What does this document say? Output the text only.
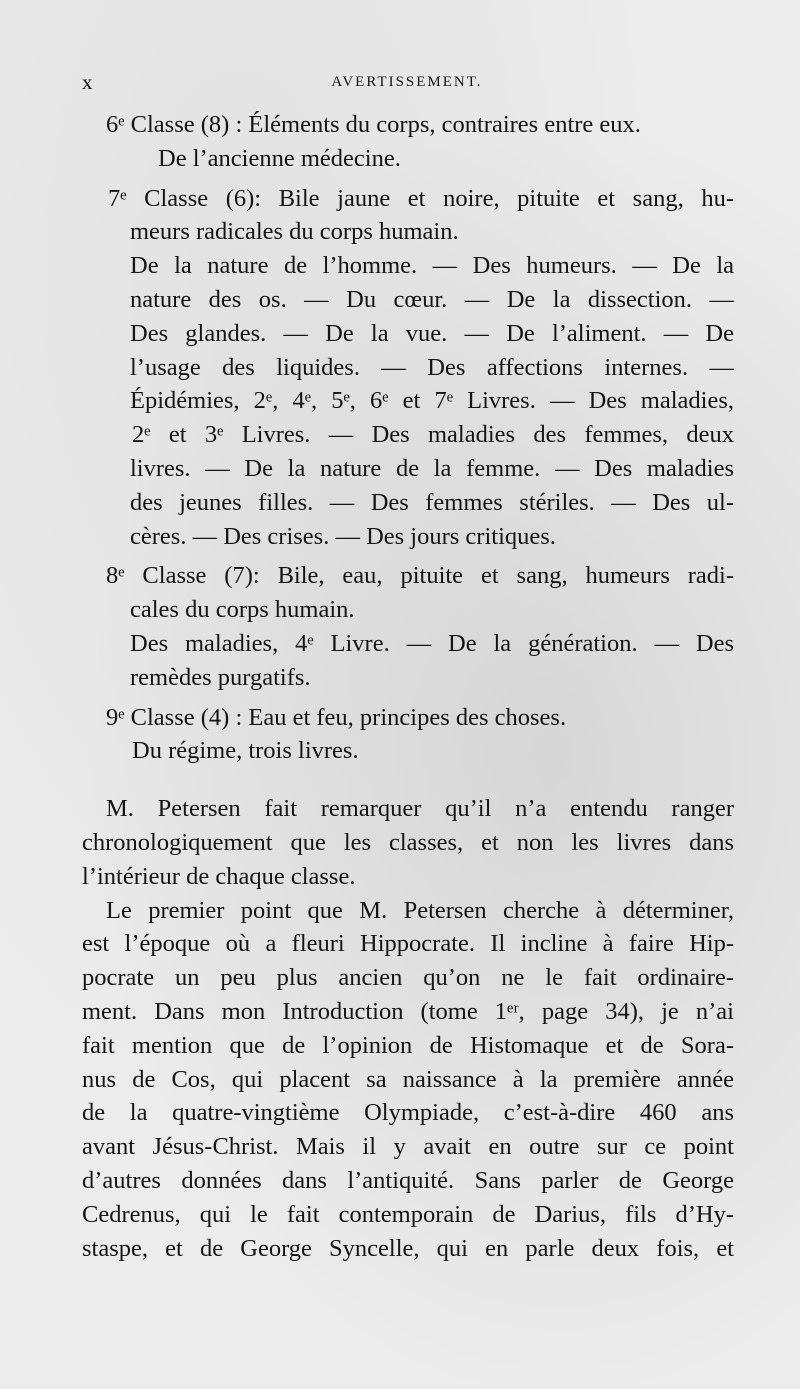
x	AVERTISSEMENT.
6ᵉ Classe (8) : Éléments du corps, contraires entre eux.
De l’ancienne médecine.
7ᵉ Classe (6): Bile jaune et noire, pituite et sang, hu-
meurs radicales du corps humain.
De la nature de l’homme. — Des humeurs. — De la
nature des os. — Du cœur. — De la dissection. —
Des glandes. — De la vue. — De l’aliment. — De
l’usage des liquides. — Des affections internes. —
Épidémies, 2ᵉ, 4ᵉ, 5ᵉ, 6ᵉ et 7ᵉ Livres. — Des maladies,
2ᵉ et 3ᵉ Livres. — Des maladies des femmes, deux
livres. — De la nature de la femme. — Des maladies
des jeunes filles. — Des femmes stériles. — Des ul-
cères. — Des crises. — Des jours critiques.
8ᵉ Classe (7): Bile, eau, pituite et sang, humeurs radi-
cales du corps humain.
Des maladies, 4ᵉ Livre. — De la génération. — Des
remèdes purgatifs.
9ᵉ Classe (4) : Eau et feu, principes des choses.
Du régime, trois livres.
M. Petersen fait remarquer qu’il n’a entendu ranger
chronologiquement que les classes, et non les livres dans
l’intérieur de chaque classe.
Le premier point que M. Petersen cherche à déterminer,
est l’époque où a fleuri Hippocrate. Il incline à faire Hip-
pocrate un peu plus ancien qu’on ne le fait ordinaire-
ment. Dans mon Introduction (tome 1ᵉʳ, page 34), je n’ai
fait mention que de l’opinion de Histomaque et de Sora-
nus de Cos, qui placent sa naissance à la première année
de la quatre-vingtième Olympiade, c’est-à-dire 460 ans
avant Jésus-Christ. Mais il y avait en outre sur ce point
d’autres données dans l’antiquité. Sans parler de George
Cedrenus, qui le fait contemporain de Darius, fils d’Hy-
staspe, et de George Syncelle, qui en parle deux fois, et
